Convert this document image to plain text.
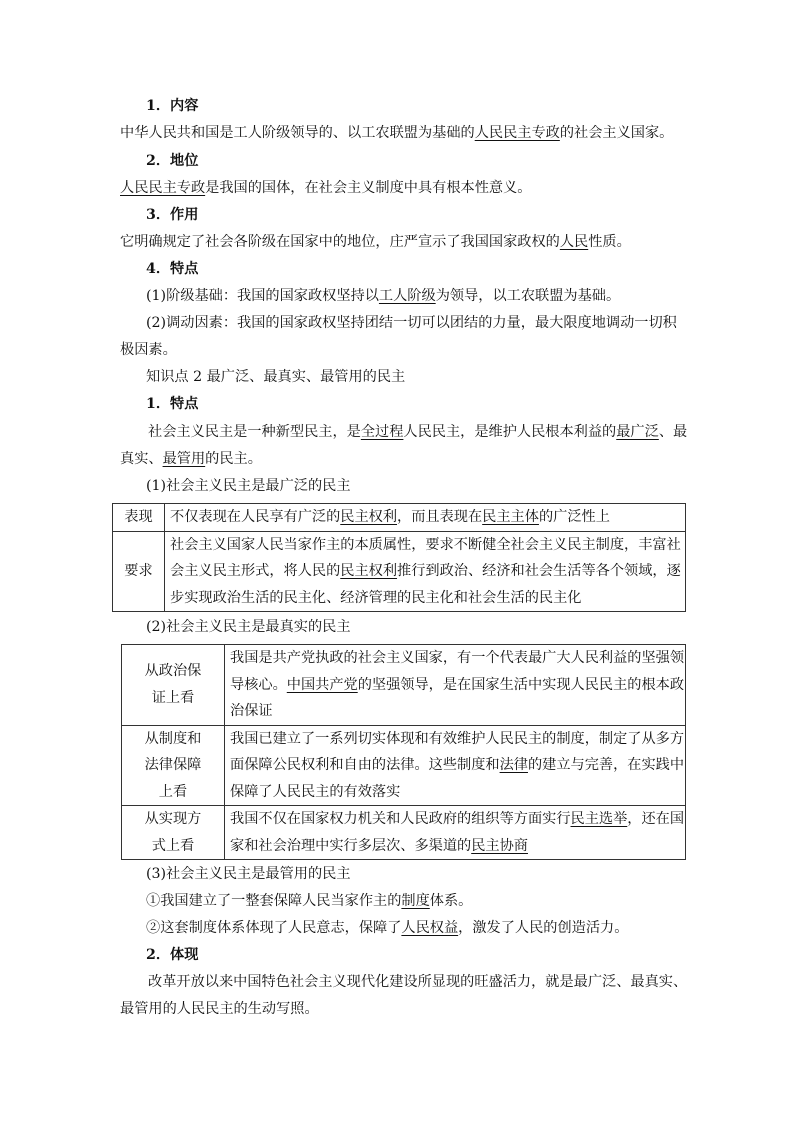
1．内容
中华人民共和国是工人阶级领导的、以工农联盟为基础的人民民主专政的社会主义国家。
2．地位
人民民主专政是我国的国体，在社会主义制度中具有根本性意义。
3．作用
它明确规定了社会各阶级在国家中的地位，庄严宣示了我国国家政权的人民性质。
4．特点
(1)阶级基础：我国的国家政权坚持以工人阶级为领导，以工农联盟为基础。
(2)调动因素：我国的国家政权坚持团结一切可以团结的力量，最大限度地调动一切积
极因素。
知识点 2 最广泛、最真实、最管用的民主
1．特点
社会主义民主是一种新型民主，是全过程人民民主，是维护人民根本利益的最广泛、最
真实、最管用的民主。
(1)社会主义民主是最广泛的民主
表现	不仅表现在人民享有广泛的民主权利，而且表现在民主主体的广泛性上

要求	社会主义国家人民当家作主的本质属性，要求不断健全社会主义民主制度，丰富社
会主义民主形式，将人民的民主权利推行到政治、经济和社会生活等各个领域，逐
步实现政治生活的民主化、经济管理的民主化和社会生活的民主化
(2)社会主义民主是最真实的民主
从政治保
证上看	我国是共产党执政的社会主义国家，有一个代表最广大人民利益的坚强领
导核心。中国共产党的坚强领导，是在国家生活中实现人民民主的根本政
治保证

从制度和
法律保障
上看	我国已建立了一系列切实体现和有效维护人民民主的制度，制定了从多方
面保障公民权利和自由的法律。这些制度和法律的建立与完善，在实践中
保障了人民民主的有效落实

从实现方
式上看	我国不仅在国家权力机关和人民政府的组织等方面实行民主选举，还在国
家和社会治理中实行多层次、多渠道的民主协商
(3)社会主义民主是最管用的民主
①我国建立了一整套保障人民当家作主的制度体系。
②这套制度体系体现了人民意志，保障了人民权益，激发了人民的创造活力。
2．体现
改革开放以来中国特色社会主义现代化建设所显现的旺盛活力，就是最广泛、最真实、
最管用的人民民主的生动写照。
